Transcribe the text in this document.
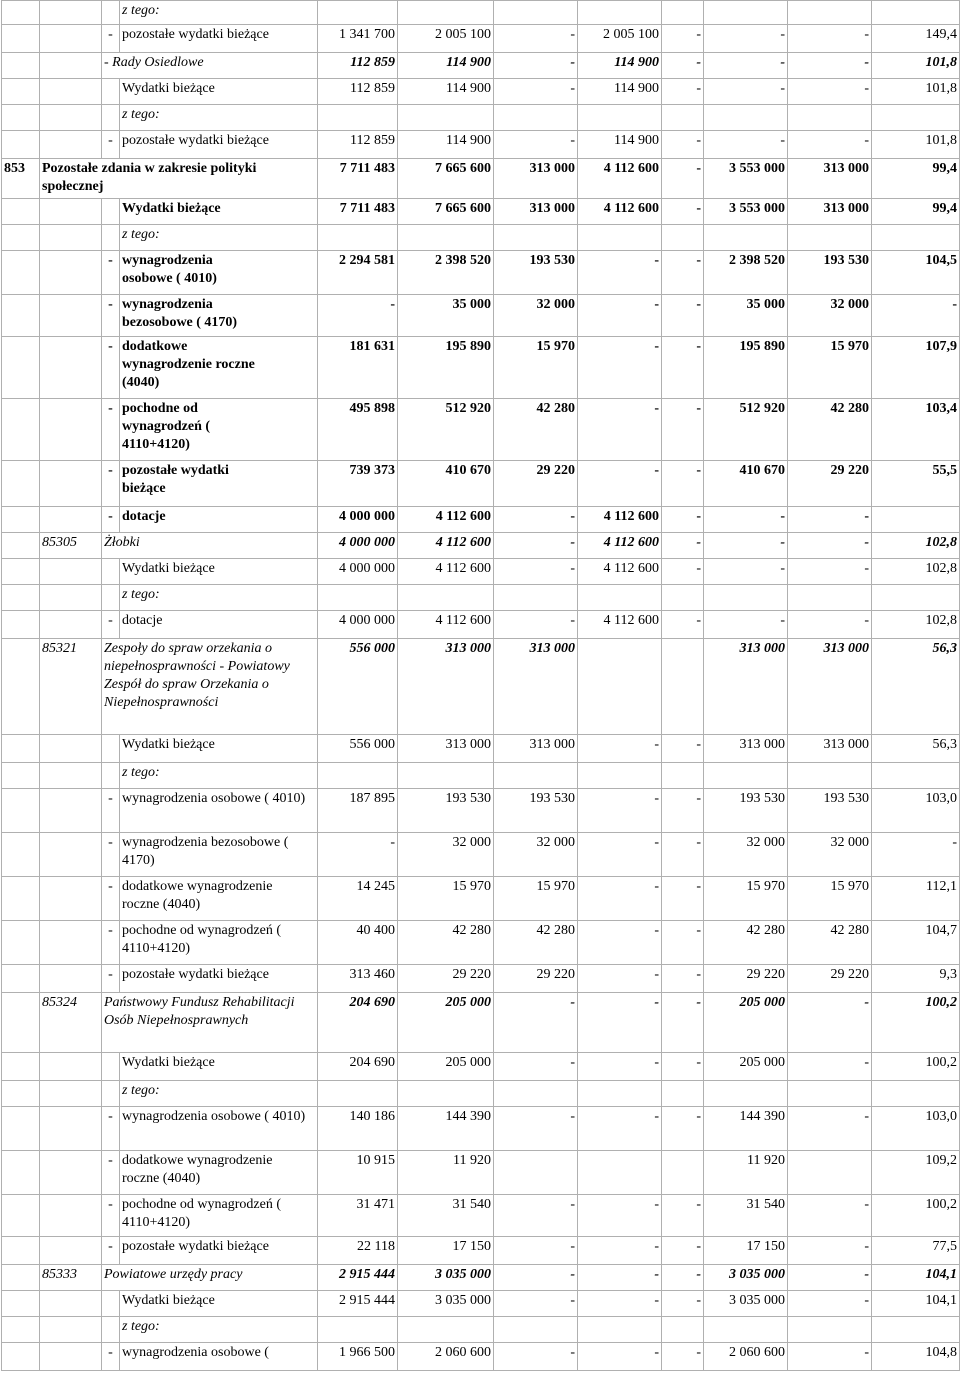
			z tego:								
		-	pozostałe wydatki bieżące	1 341 700	2 005 100	-	2 005 100	-	-	-	149,4
		- Rady Osiedlowe		112 859	114 900	-	114 900	-	-	-	101,8
			Wydatki bieżące	112 859	114 900	-	114 900	-	-	-	101,8
			z tego:								
		-	pozostałe wydatki bieżące	112 859	114 900	-	114 900	-	-	-	101,8
853	Pozostałe zdania w zakresie polityki społecznej			7 711 483	7 665 600	313 000	4 112 600	-	3 553 000	313 000	99,4
			Wydatki bieżące	7 711 483	7 665 600	313 000	4 112 600	-	3 553 000	313 000	99,4
			z tego:								
		-	wynagrodzenia osobowe ( 4010)	2 294 581	2 398 520	193 530	-	-	2 398 520	193 530	104,5
		-	wynagrodzenia bezosobowe ( 4170)	-	35 000	32 000	-	-	35 000	32 000	-
		-	dodatkowe wynagrodzenie roczne (4040)	181 631	195 890	15 970	-	-	195 890	15 970	107,9
		-	pochodne od wynagrodzeń ( 4110+4120)	495 898	512 920	42 280	-	-	512 920	42 280	103,4
		-	pozostałe wydatki bieżące	739 373	410 670	29 220	-	-	410 670	29 220	55,5
		-	dotacje	4 000 000	4 112 600	-	4 112 600	-	-	-	
	85305	Żłobki		4 000 000	4 112 600	-	4 112 600	-	-	-	102,8
			Wydatki bieżące	4 000 000	4 112 600	-	4 112 600	-	-	-	102,8
			z tego:								
		-	dotacje	4 000 000	4 112 600	-	4 112 600	-	-	-	102,8
	85321	Zespoły do spraw orzekania o niepełnosprawności - Powiatowy Zespół do spraw Orzekania o Niepełnosprawności		556 000	313 000	313 000			313 000	313 000	56,3
			Wydatki bieżące	556 000	313 000	313 000	-	-	313 000	313 000	56,3
			z tego:								
		-	wynagrodzenia osobowe ( 4010)	187 895	193 530	193 530	-	-	193 530	193 530	103,0
		-	wynagrodzenia bezosobowe ( 4170)	-	32 000	32 000	-	-	32 000	32 000	-
		-	dodatkowe wynagrodzenie roczne (4040)	14 245	15 970	15 970	-	-	15 970	15 970	112,1
		-	pochodne od wynagrodzeń ( 4110+4120)	40 400	42 280	42 280	-	-	42 280	42 280	104,7
		-	pozostałe wydatki bieżące	313 460	29 220	29 220	-	-	29 220	29 220	9,3
	85324	Państwowy Fundusz Rehabilitacji Osób Niepełnosprawnych		204 690	205 000	-	-	-	205 000	-	100,2
			Wydatki bieżące	204 690	205 000	-	-	-	205 000	-	100,2
			z tego:								
		-	wynagrodzenia osobowe ( 4010)	140 186	144 390	-	-	-	144 390	-	103,0
		-	dodatkowe wynagrodzenie roczne (4040)	10 915	11 920				11 920		109,2
		-	pochodne od wynagrodzeń ( 4110+4120)	31 471	31 540	-	-	-	31 540	-	100,2
		-	pozostałe wydatki bieżące	22 118	17 150	-	-	-	17 150	-	77,5
	85333	Powiatowe urzędy pracy		2 915 444	3 035 000	-	-	-	3 035 000	-	104,1
			Wydatki bieżące	2 915 444	3 035 000	-	-	-	3 035 000	-	104,1
			z tego:								
		-	wynagrodzenia osobowe (	1 966 500	2 060 600	-	-	-	2 060 600	-	104,8
